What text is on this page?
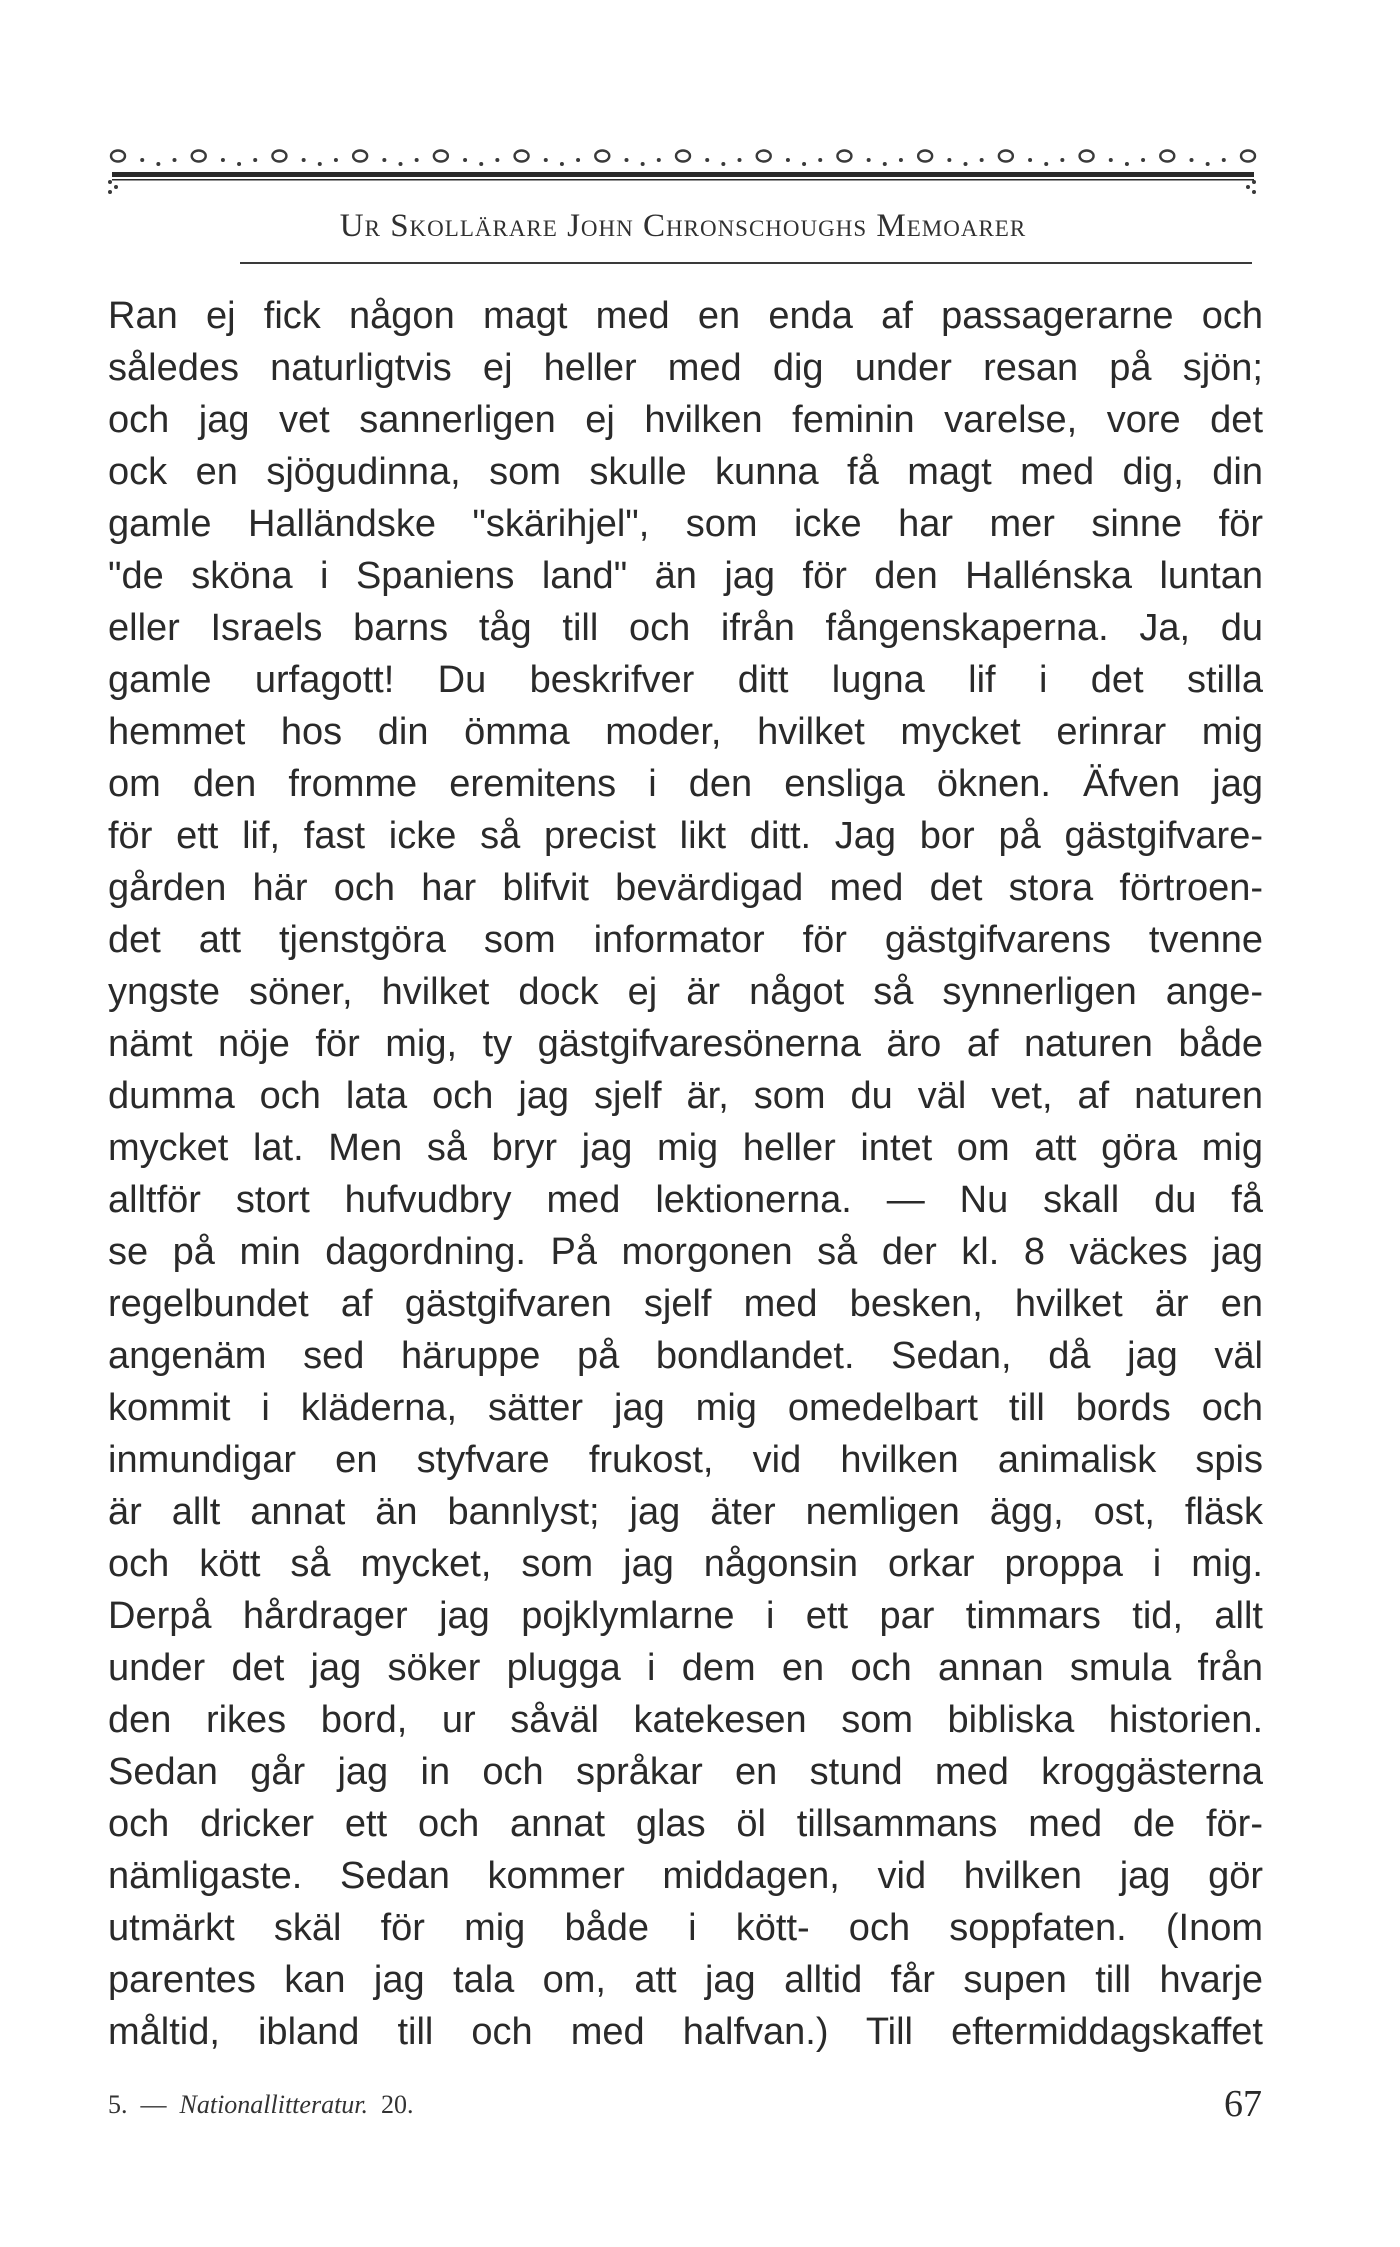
Ur Skollärare John Chronschoughs Memoarer
Ran ej fick någon magt med en enda af passagerarne och
således naturligtvis ej heller med dig under resan på sjön;
och jag vet sannerligen ej hvilken feminin varelse, vore det
ock en sjögudinna, som skulle kunna få magt med dig, din
gamle Halländske "skärihjel", som icke har mer sinne för
"de sköna i Spaniens land" än jag för den Hallénska luntan
eller Israels barns tåg till och ifrån fångenskaperna. Ja, du
gamle urfagott! Du beskrifver ditt lugna lif i det stilla
hemmet hos din ömma moder, hvilket mycket erinrar mig
om den fromme eremitens i den ensliga öknen. Äfven jag
för ett lif, fast icke så precist likt ditt. Jag bor på gästgifvare-
gården här och har blifvit bevärdigad med det stora förtroen-
det att tjenstgöra som informator för gästgifvarens tvenne
yngste söner, hvilket dock ej är något så synnerligen ange-
nämt nöje för mig, ty gästgifvaresönerna äro af naturen både
dumma och lata och jag sjelf är, som du väl vet, af naturen
mycket lat. Men så bryr jag mig heller intet om att göra mig
alltför stort hufvudbry med lektionerna. — Nu skall du få
se på min dagordning. På morgonen så der kl. 8 väckes jag
regelbundet af gästgifvaren sjelf med besken, hvilket är en
angenäm sed häruppe på bondlandet. Sedan, då jag väl
kommit i kläderna, sätter jag mig omedelbart till bords och
inmundigar en styfvare frukost, vid hvilken animalisk spis
är allt annat än bannlyst; jag äter nemligen ägg, ost, fläsk
och kött så mycket, som jag någonsin orkar proppa i mig.
Derpå hårdrager jag pojklymlarne i ett par timmars tid, allt
under det jag söker plugga i dem en och annan smula från
den rikes bord, ur såväl katekesen som bibliska historien.
Sedan går jag in och språkar en stund med kroggästerna
och dricker ett och annat glas öl tillsammans med de för-
nämligaste. Sedan kommer middagen, vid hvilken jag gör
utmärkt skäl för mig både i kött- och soppfaten. (Inom
parentes kan jag tala om, att jag alltid får supen till hvarje
måltid, ibland till och med halfvan.) Till eftermiddagskaffet
5. — Nationallitteratur. 20.	67
